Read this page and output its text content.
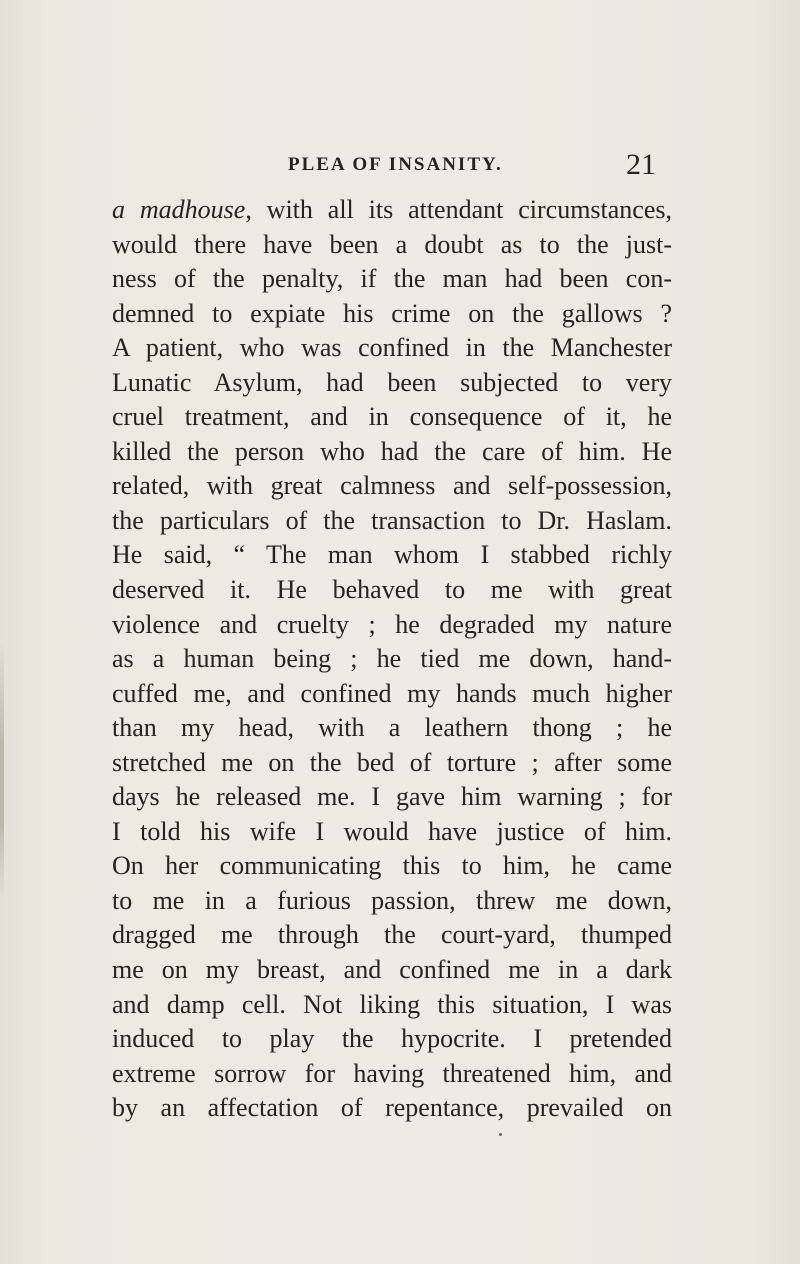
PLEA OF INSANITY.	21
a madhouse, with all its attendant circumstances,
would there have been a doubt as to the just-
ness of the penalty, if the man had been con-
demned to expiate his crime on the gallows ?
A patient, who was confined in the Manchester
Lunatic Asylum, had been subjected to very
cruel treatment, and in consequence of it, he
killed the person who had the care of him. He
related, with great calmness and self-possession,
the particulars of the transaction to Dr. Haslam.
He said, “ The man whom I stabbed richly
deserved it. He behaved to me with great
violence and cruelty ; he degraded my nature
as a human being ; he tied me down, hand-
cuffed me, and confined my hands much higher
than my head, with a leathern thong ; he
stretched me on the bed of torture ; after some
days he released me. I gave him warning ; for
I told his wife I would have justice of him.
On her communicating this to him, he came
to me in a furious passion, threw me down,
dragged me through the court-yard, thumped
me on my breast, and confined me in a dark
and damp cell. Not liking this situation, I was
induced to play the hypocrite. I pretended
extreme sorrow for having threatened him, and
by an affectation of repentance, prevailed on
